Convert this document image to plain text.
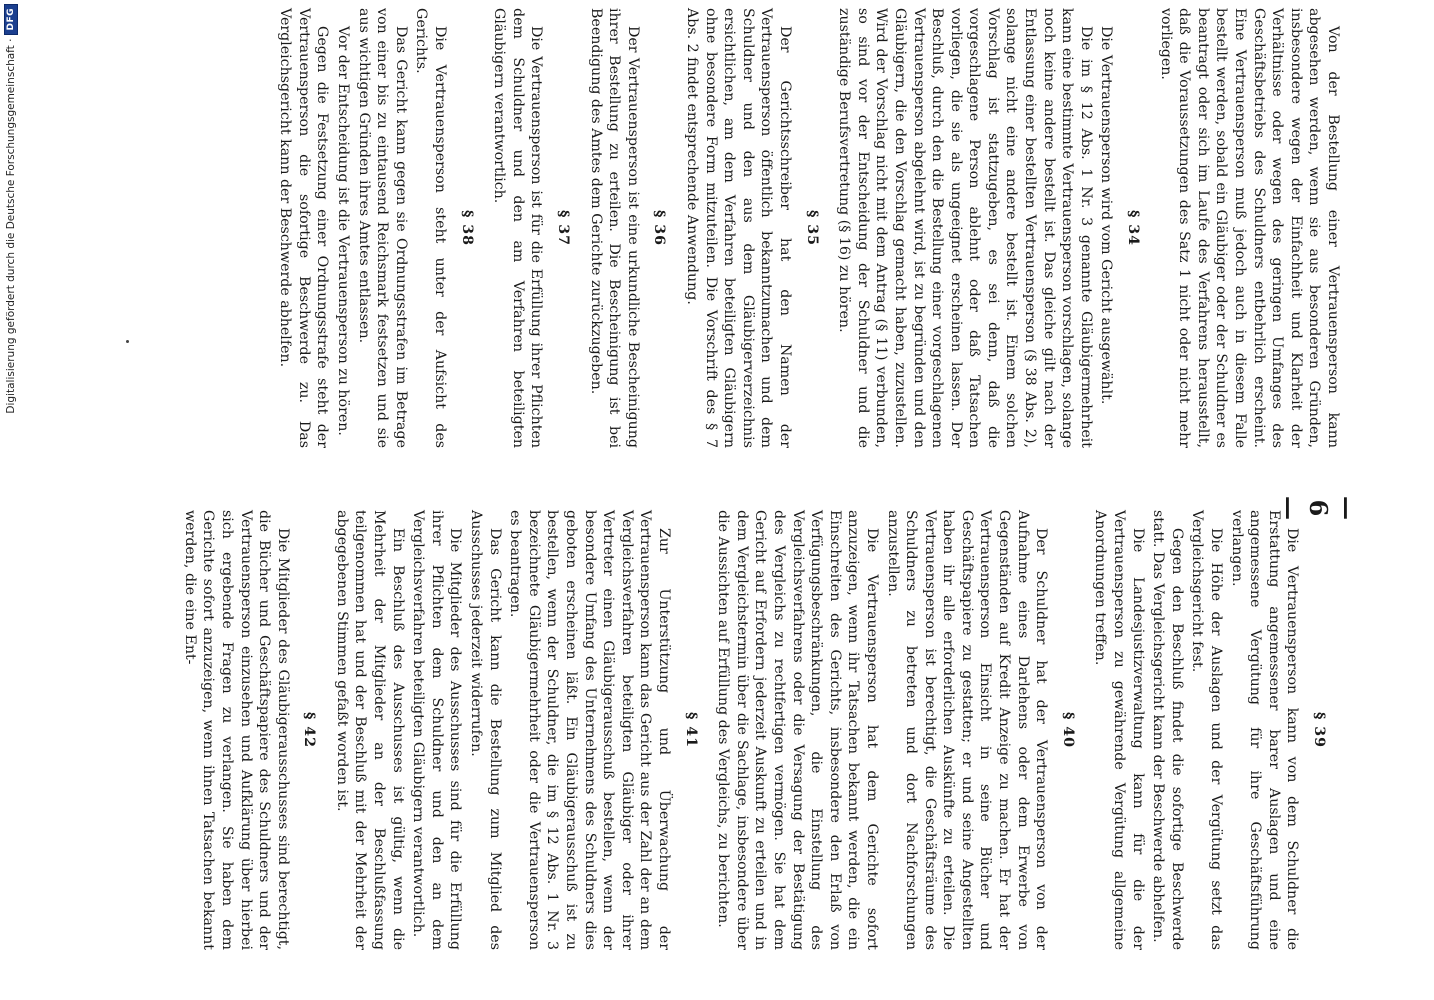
— 6 —

Von der Bestellung einer Vertrauensperson kann abgesehen werden, wenn sie aus besonderen Gründen, insbesondere wegen der Einfachheit und Klarheit der Verhältnisse oder wegen des geringen Umfanges des Geschäftsbetriebs des Schuldners entbehrlich erscheint. Eine Vertrauensperson muß jedoch auch in diesem Falle bestellt werden, sobald ein Gläubiger oder der Schuldner es beantragt oder sich im Laufe des Verfahrens herausstellt, daß die Voraussetzungen des Satz 1 nicht oder nicht mehr vorliegen.

§ 34

Die Vertrauensperson wird vom Gericht ausgewählt.

Die im § 12 Abs. 1 Nr. 3 genannte Gläubigermehrheit kann eine bestimmte Vertrauensperson vorschlagen, solange noch keine andere bestellt ist. Das gleiche gilt nach der Entlassung einer bestellten Vertrauensperson (§ 38 Abs. 2), solange nicht eine andere bestellt ist. Einem solchen Vorschlag ist stattzugeben, es sei denn, daß die vorgeschlagene Person ablehnt oder daß Tatsachen vorliegen, die sie als ungeeignet erscheinen lassen. Der Beschluß, durch den die Bestellung einer vorgeschlagenen Vertrauensperson abgelehnt wird, ist zu begründen und den Gläubigern, die den Vorschlag gemacht haben, zuzustellen. Wird der Vorschlag nicht mit dem Antrag (§ 11) verbunden, so sind vor der Entscheidung der Schuldner und die zuständige Berufsvertretung (§ 16) zu hören.

§ 35

Der Gerichtsschreiber hat den Namen der Vertrauensperson öffentlich bekanntzumachen und dem Schuldner und den aus dem Gläubigerverzeichnis ersichtlichen, am dem Verfahren beteiligten Gläubigern ohne besondere Form mitzuteilen. Die Vorschrift des § 7 Abs. 2 findet entsprechende Anwendung.

§ 36

Der Vertrauensperson ist eine urkundliche Bescheinigung ihrer Bestellung zu erteilen. Die Bescheinigung ist bei Beendigung des Amtes dem Gerichte zurückzugeben.

§ 37

Die Vertrauensperson ist für die Erfüllung ihrer Pflichten dem Schuldner und den am Verfahren beteiligten Gläubigern verantwortlich.

§ 38

Die Vertrauensperson steht unter der Aufsicht des Gerichts.

Das Gericht kann gegen sie Ordnungsstrafen im Betrage von einer bis zu eintausend Reichsmark festsetzen und sie aus wichtigen Gründen ihres Amtes entlassen.

Vor der Entscheidung ist die Vertrauensperson zu hören.

Gegen die Festsetzung einer Ordnungsstrafe steht der Vertrauensperson die sofortige Beschwerde zu. Das Vergleichsgericht kann der Beschwerde abhelfen.

§ 39

Die Vertrauensperson kann von dem Schuldner die Erstattung angemessener barer Auslagen und eine angemessene Vergütung für ihre Geschäftsführung verlangen.

Die Höhe der Auslagen und der Vergütung setzt das Vergleichsgericht fest.

Gegen den Beschluß findet die sofortige Beschwerde statt. Das Vergleichsgericht kann der Beschwerde abhelfen.

Die Landesjustizverwaltung kann für die der Vertrauensperson zu gewährende Vergütung allgemeine Anordnungen treffen.

§ 40

Der Schuldner hat der Vertrauensperson von der Aufnahme eines Darlehens oder dem Erwerbe von Gegenständen auf Kredit Anzeige zu machen. Er hat der Vertrauensperson Einsicht in seine Bücher und Geschäftspapiere zu gestatten; er und seine Angestellten haben ihr alle erforderlichen Auskünfte zu erteilen. Die Vertrauensperson ist berechtigt, die Geschäftsräume des Schuldners zu betreten und dort Nachforschungen anzustellen.

Die Vertrauensperson hat dem Gerichte sofort anzuzeigen, wenn ihr Tatsachen bekannt werden, die ein Einschreiten des Gerichts, insbesondere den Erlaß von Verfügungsbeschränkungen, die Einstellung des Vergleichsverfahrens oder die Versagung der Bestätigung des Vergleichs zu rechtfertigen vermögen. Sie hat dem Gericht auf Erfordern jederzeit Auskunft zu erteilen und in dem Vergleichstermin über die Sachlage, insbesondere über die Aussichten auf Erfüllung des Vergleichs, zu berichten.

§ 41

Zur Unterstützung und Überwachung der Vertrauensperson kann das Gericht aus der Zahl der an dem Vergleichsverfahren beteiligten Gläubiger oder ihrer Vertreter einen Gläubigerausschuß bestellen, wenn der besondere Umfang des Unternehmens des Schuldners dies geboten erscheinen läßt. Ein Gläubigerausschuß ist zu bestellen, wenn der Schuldner, die im § 12 Abs. 1 Nr. 3 bezeichnete Gläubigermehrheit oder die Vertrauensperson es beantragen.

Das Gericht kann die Bestellung zum Mitglied des Ausschusses jederzeit widerrufen.

Die Mitglieder des Ausschusses sind für die Erfüllung ihrer Pflichten dem Schuldner und den an dem Vergleichsverfahren beteiligten Gläubigern verantwortlich.

Ein Beschluß des Ausschusses ist gültig, wenn die Mehrheit der Mitglieder an der Beschlußfassung teilgenommen hat und der Beschluß mit der Mehrheit der abgegebenen Stimmen gefaßt worden ist.

§ 42

Die Mitglieder des Gläubigerausschusses sind berechtigt, die Bücher und Geschäftspapiere des Schuldners und der Vertrauensperson einzusehen und Aufklärung über hierbei sich ergebende Fragen zu verlangen. Sie haben dem Gerichte sofort anzuzeigen, wenn ihnen Tatsachen bekannt werden, die eine Ent-

Digitalisierung gefördert durch die Deutsche Forschungsgemeinschaft ·
DFG
